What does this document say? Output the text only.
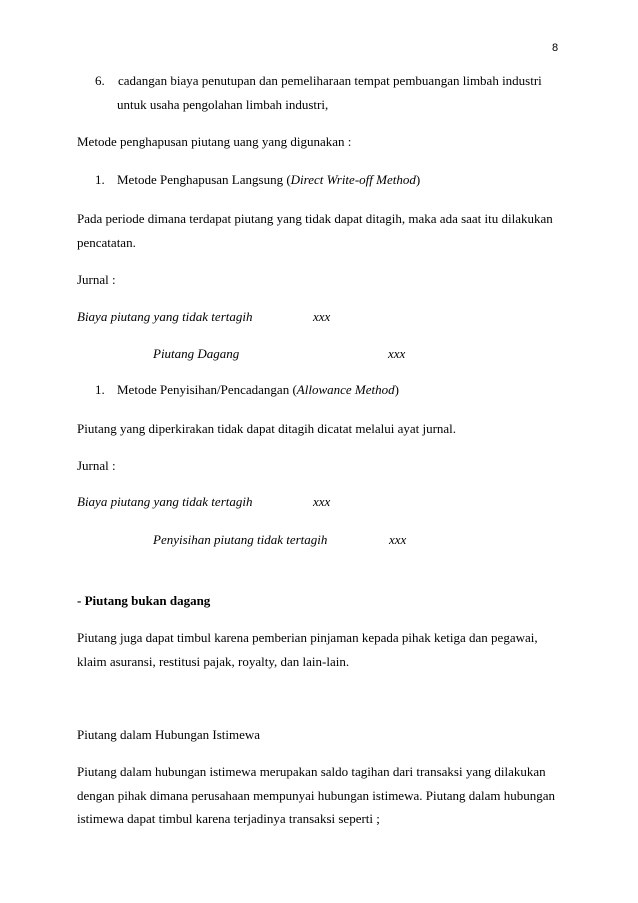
8
6. cadangan biaya penutupan dan pemeliharaan tempat pembuangan limbah industri
untuk usaha pengolahan limbah industri,
Metode penghapusan piutang uang yang digunakan :
1. Metode Penghapusan Langsung (Direct Write-off Method)
Pada periode dimana terdapat piutang yang tidak dapat ditagih, maka ada saat itu dilakukan
pencatatan.
Jurnal :
Biaya piutang yang tidak tertagih	xxx
Piutang Dagang	xxx
1. Metode Penyisihan/Pencadangan (Allowance Method)
Piutang yang diperkirakan tidak dapat ditagih dicatat melalui ayat jurnal.
Jurnal :
Biaya piutang yang tidak tertagih	xxx
Penyisihan piutang tidak tertagih	xxx
- Piutang bukan dagang
Piutang juga dapat timbul karena pemberian pinjaman kepada pihak ketiga dan pegawai,
klaim asuransi, restitusi pajak, royalty, dan lain-lain.
Piutang dalam Hubungan Istimewa
Piutang dalam hubungan istimewa merupakan saldo tagihan dari transaksi yang dilakukan
dengan pihak dimana perusahaan mempunyai hubungan istimewa. Piutang dalam hubungan
istimewa dapat timbul karena terjadinya transaksi seperti ;
